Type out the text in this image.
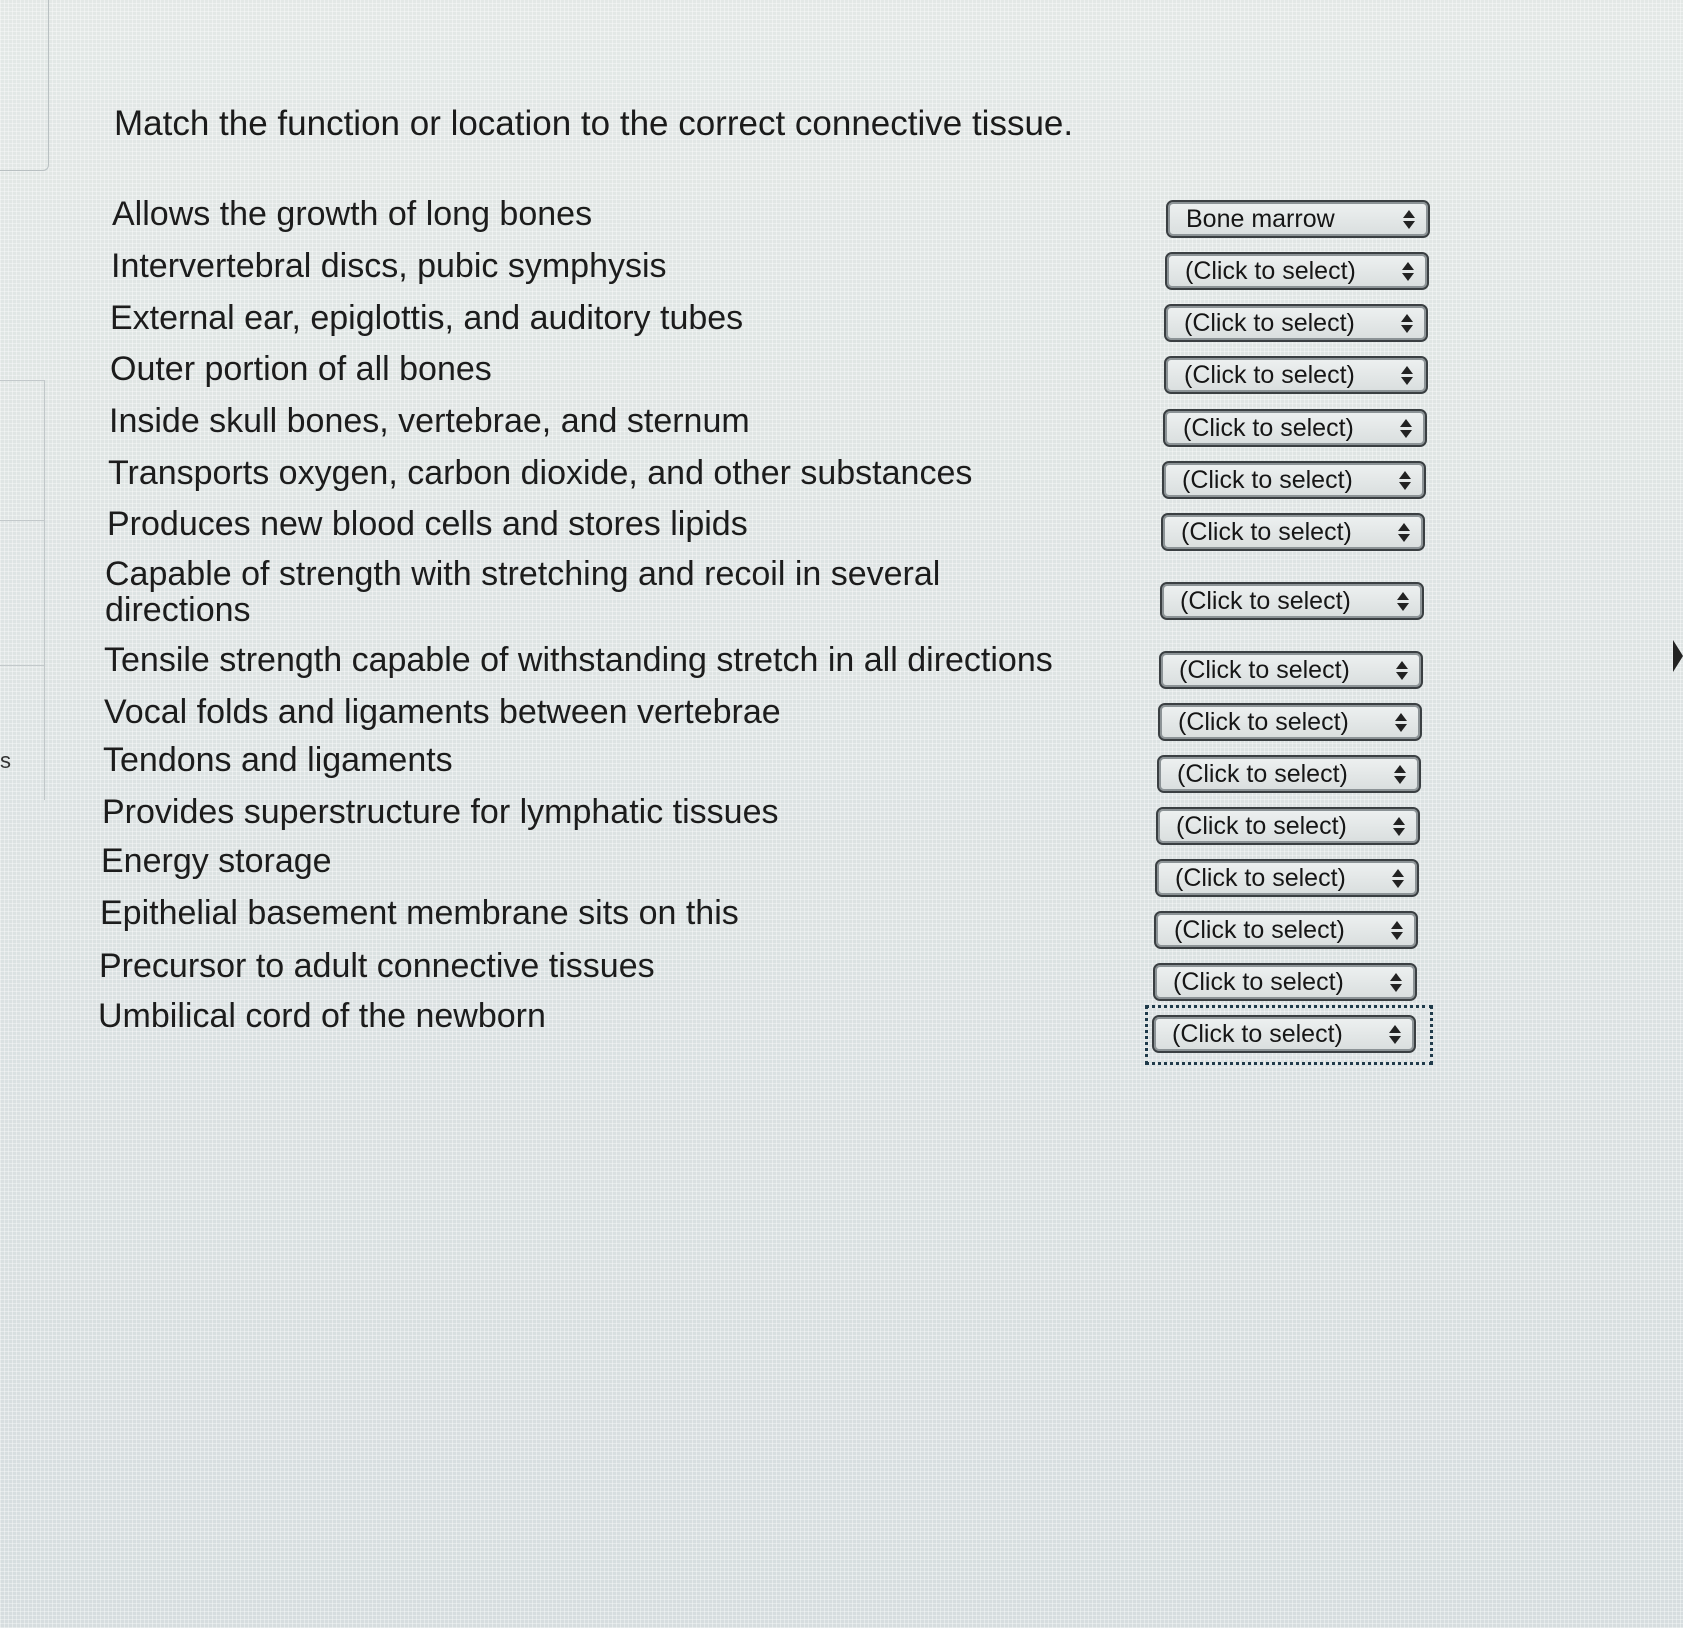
s
Match the function or location to the correct connective tissue.
Allows the growth of long bones
Intervertebral discs, pubic symphysis
External ear, epiglottis, and auditory tubes
Outer portion of all bones
Inside skull bones, vertebrae, and sternum
Transports oxygen, carbon dioxide, and other substances
Produces new blood cells and stores lipids
Capable of strength with stretching and recoil in several directions
Tensile strength capable of withstanding stretch in all directions
Vocal folds and ligaments between vertebrae
Tendons and ligaments
Provides superstructure for lymphatic tissues
Energy storage
Epithelial basement membrane sits on this
Precursor to adult connective tissues
Umbilical cord of the newborn
Bone marrow
(Click to select)
(Click to select)
(Click to select)
(Click to select)
(Click to select)
(Click to select)
(Click to select)
(Click to select)
(Click to select)
(Click to select)
(Click to select)
(Click to select)
(Click to select)
(Click to select)
(Click to select)
